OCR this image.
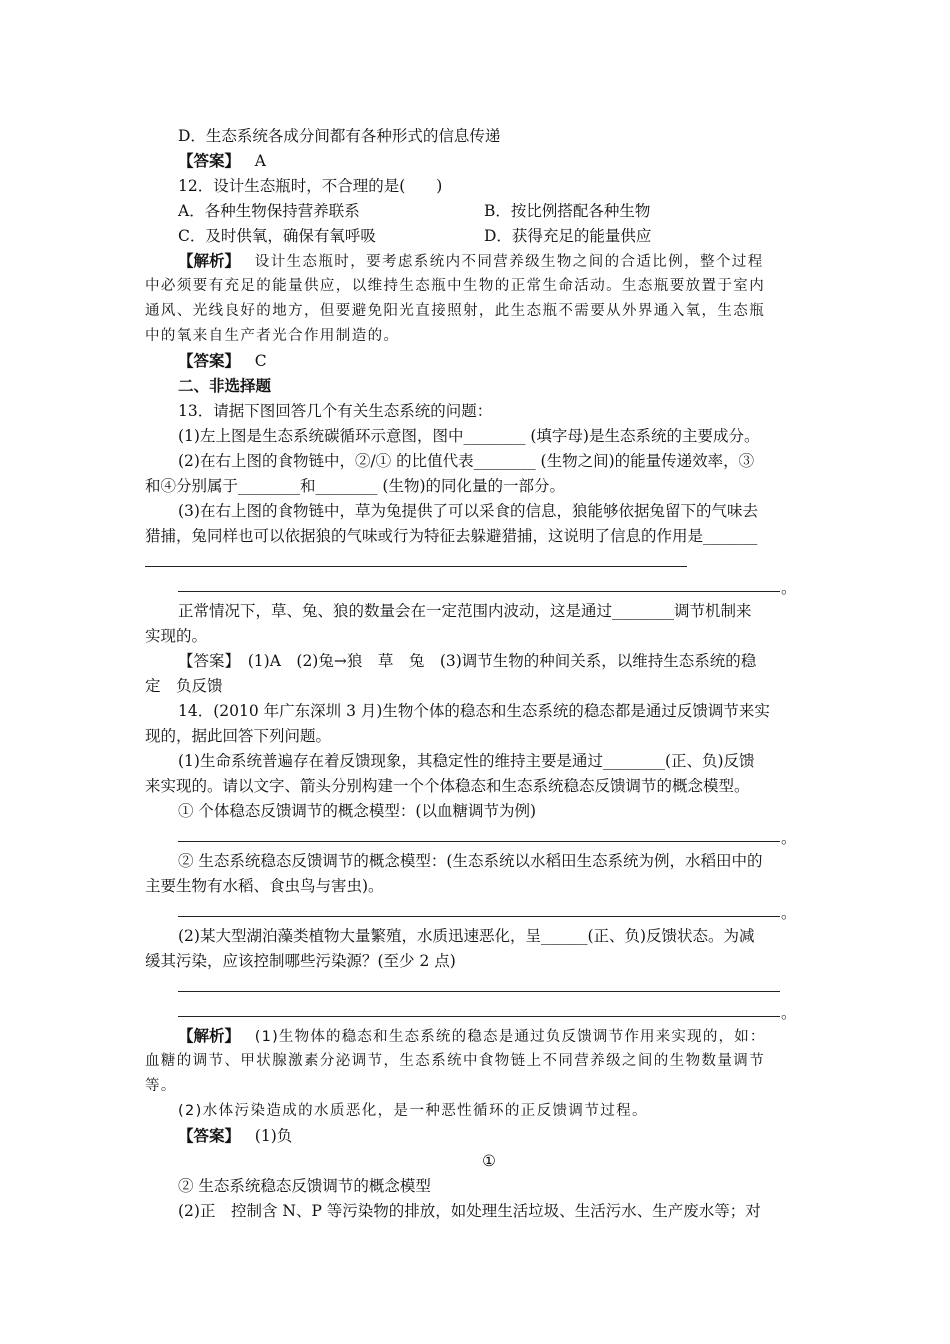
D．生态系统各成分间都有各种形式的信息传递
【答案】 A
12．设计生态瓶时，不合理的是(　　)
A．各种生物保持营养联系	B．按比例搭配各种生物
C．及时供氧，确保有氧呼吸	D．获得充足的能量供应
【解析】 设计生态瓶时，要考虑系统内不同营养级生物之间的合适比例，整个过程
中必须要有充足的能量供应，以维持生态瓶中生物的正常生命活动。生态瓶要放置于室内
通风、光线良好的地方，但要避免阳光直接照射，此生态瓶不需要从外界通入氧，生态瓶
中的氧来自生产者光合作用制造的。
【答案】 C
二、非选择题
13．请据下图回答几个有关生态系统的问题：
(1)左上图是生态系统碳循环示意图，图中________ (填字母)是生态系统的主要成分。
(2)在右上图的食物链中，②/① 的比值代表________ (生物之间)的能量传递效率，③
和④分别属于________和________ (生物)的同化量的一部分。
(3)在右上图的食物链中，草为兔提供了可以采食的信息，狼能够依据兔留下的气味去
猎捕，兔同样也可以依据狼的气味或行为特征去躲避猎捕，这说明了信息的作用是_______
。
正常情况下，草、兔、狼的数量会在一定范围内波动，这是通过________调节机制来
实现的。
【答案】　(1)A　(2)兔→狼　草　兔　(3)调节生物的种间关系，以维持生态系统的稳
定　负反馈
14．(2010 年广东深圳 3 月)生物个体的稳态和生态系统的稳态都是通过反馈调节来实
现的，据此回答下列问题。
(1)生命系统普遍存在着反馈现象，其稳定性的维持主要是通过________(正、负)反馈
来实现的。请以文字、箭头分别构建一个个体稳态和生态系统稳态反馈调节的概念模型。
① 个体稳态反馈调节的概念模型：(以血糖调节为例)
。
② 生态系统稳态反馈调节的概念模型：(生态系统以水稻田生态系统为例，水稻田中的
主要生物有水稻、食虫鸟与害虫)。
。
(2)某大型湖泊藻类植物大量繁殖，水质迅速恶化，呈______(正、负)反馈状态。为减
缓其污染，应该控制哪些污染源？(至少 2 点)
。
【解析】 (1)生物体的稳态和生态系统的稳态是通过负反馈调节作用来实现的，如：
血糖的调节、甲状腺激素分泌调节，生态系统中食物链上不同营养级之间的生物数量调节
等。
(2)水体污染造成的水质恶化，是一种恶性循环的正反馈调节过程。
【答案】 (1)负
①
② 生态系统稳态反馈调节的概念模型
(2)正　控制含 N、P 等污染物的排放，如处理生活垃圾、生活污水、生产废水等；对
